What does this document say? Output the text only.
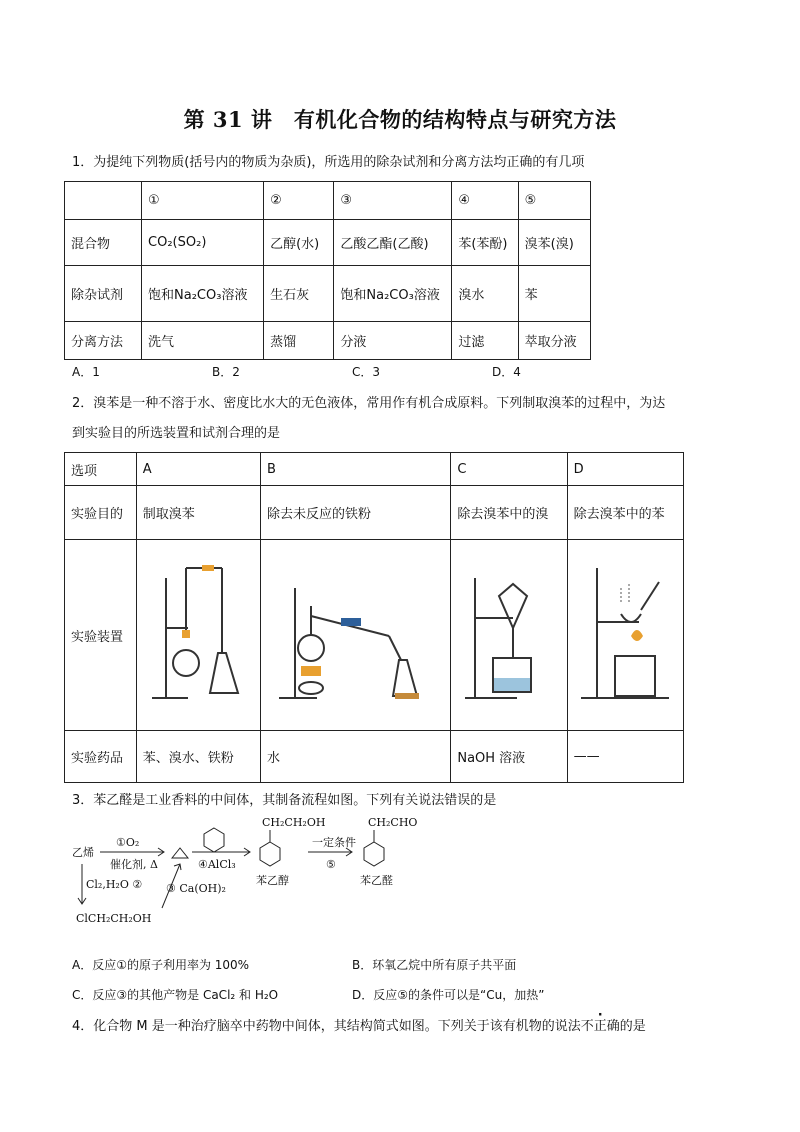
第 31 讲　有机化合物的结构特点与研究方法
1．为提纯下列物质(括号内的物质为杂质)，所选用的除杂试剂和分离方法均正确的有几项
	①	②	③	④	⑤
混合物	CO₂(SO₂)	乙醇(水)	乙酸乙酯(乙酸)	苯(苯酚)	溴苯(溴)
除杂试剂	饱和Na₂CO₃溶液	生石灰	饱和Na₂CO₃溶液	溴水	苯
分离方法	洗气	蒸馏	分液	过滤	萃取分液
A．1	B．2	C．3	D．4
2．溴苯是一种不溶于水、密度比水大的无色液体，常用作有机合成原料。下列制取溴苯的过程中，为达
到实验目的所选装置和试剂合理的是
选项	A	B	C	D
实验目的	制取溴苯	除去未反应的铁粉	除去溴苯中的溴	除去溴苯中的苯
实验装置				
实验药品	苯、溴水、铁粉	水	NaOH 溶液	——
3．苯乙醛是工业香料的中间体，其制备流程如图。下列有关说法错误的是
乙烯
①O₂
催化剂, Δ
Cl₂,H₂O ②
ClCH₂CH₂OH
③ Ca(OH)₂
④AlCl₃
CH₂CH₂OH
苯乙醇
一定条件
⑤
CH₂CHO
苯乙醛
A．反应①的原子利用率为 100%	B．环氧乙烷中所有原子共平面
C．反应③的其他产物是 CaCl₂ 和 H₂O	D．反应⑤的条件可以是“Cu，加热”
4．化合物 M 是一种治疗脑卒中药物中间体，其结构简式如图。下列关于该有机物的说法不正确的是
